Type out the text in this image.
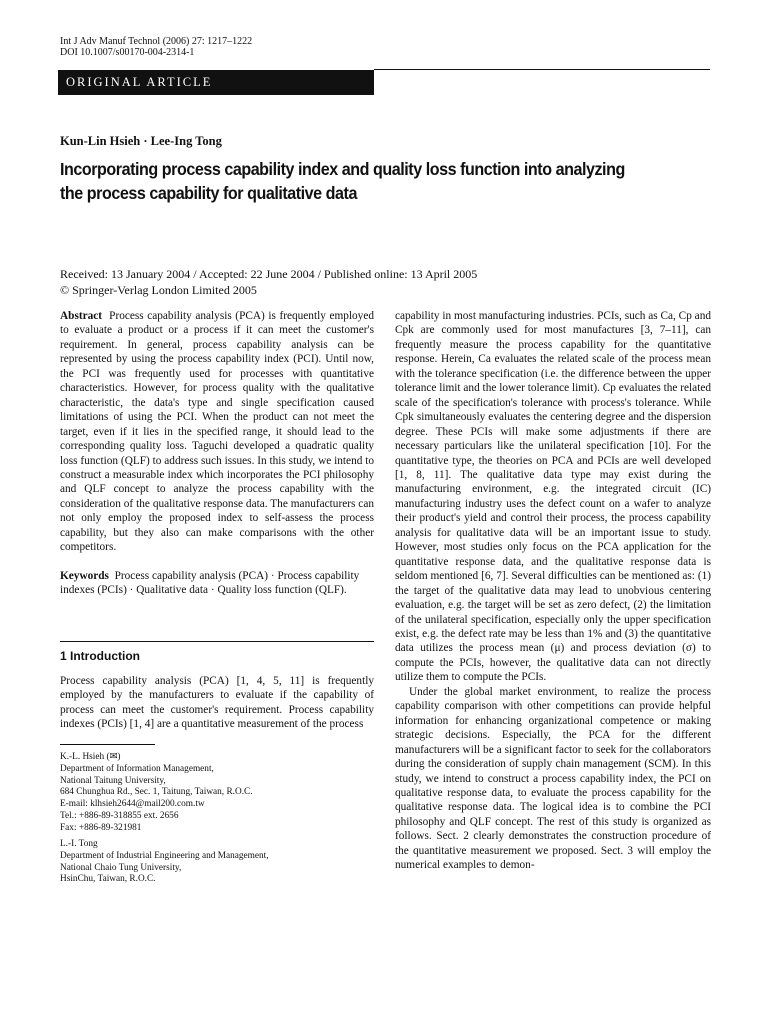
Int J Adv Manuf Technol (2006) 27: 1217–1222
DOI 10.1007/s00170-004-2314-1
ORIGINAL ARTICLE
Kun-Lin Hsieh · Lee-Ing Tong
Incorporating process capability index and quality loss function into analyzing
the process capability for qualitative data
Received: 13 January 2004 / Accepted: 22 June 2004 / Published online: 13 April 2005
© Springer-Verlag London Limited 2005

Abstract Process capability analysis (PCA) is frequently employed to evaluate a product or a process if it can meet the customer's requirement. In general, process capability analysis can be represented by using the process capability index (PCI). Until now, the PCI was frequently used for processes with quantitative characteristics. However, for process quality with the qualitative characteristic, the data's type and single specification caused limitations of using the PCI. When the product can not meet the target, even if it lies in the specified range, it should lead to the corresponding quality loss. Taguchi developed a quadratic quality loss function (QLF) to address such issues. In this study, we intend to construct a measurable index which incorporates the PCI philosophy and QLF concept to analyze the process capability with the consideration of the qualitative response data. The manufacturers can not only employ the proposed index to self-assess the process capability, but they also can make comparisons with the other competitors.

Keywords Process capability analysis (PCA) · Process capability indexes (PCIs) · Qualitative data · Quality loss function (QLF).

1 Introduction
Process capability analysis (PCA) [1, 4, 5, 11] is frequently employed by the manufacturers to evaluate if the capability of process can meet the customer's requirement. Process capability indexes (PCIs) [1, 4] are a quantitative measurement of the process
K.-L. Hsieh (✉)
Department of Information Management,
National Taitung University,
684 Chunghua Rd., Sec. 1, Taitung, Taiwan, R.O.C.
E-mail: klhsieh2644@mail200.com.tw
Tel.: +886-89-318855 ext. 2656
Fax: +886-89-321981
L.-I. Tong
Department of Industrial Engineering and Management,
National Chaio Tung University,
HsinChu, Taiwan, R.O.C.

capability in most manufacturing industries. PCIs, such as Ca, Cp and Cpk are commonly used for most manufactures [3, 7–11], can frequently measure the process capability for the quantitative response. Herein, Ca evaluates the related scale of the process mean with the tolerance specification (i.e. the difference between the upper tolerance limit and the lower tolerance limit). Cp evaluates the related scale of the specification's tolerance with process's tolerance. While Cpk simultaneously evaluates the centering degree and the dispersion degree. These PCIs will make some adjustments if there are necessary particulars like the unilateral specification [10]. For the quantitative type, the theories on PCA and PCIs are well developed [1, 8, 11]. The qualitative data type may exist during the manufacturing environment, e.g. the integrated circuit (IC) manufacturing industry uses the defect count on a wafer to analyze their product's yield and control their process, the process capability analysis for qualitative data will be an important issue to study. However, most studies only focus on the PCA application for the quantitative response data, and the qualitative response data is seldom mentioned [6, 7]. Several difficulties can be mentioned as: (1) the target of the qualitative data may lead to unobvious centering evaluation, e.g. the target will be set as zero defect, (2) the limitation of the unilateral specification, especially only the upper specification exist, e.g. the defect rate may be less than 1% and (3) the quantitative data utilizes the process mean (μ) and process deviation (σ) to compute the PCIs, however, the qualitative data can not directly utilize them to compute the PCIs.

Under the global market environment, to realize the process capability comparison with other competitions can provide helpful information for enhancing organizational competence or making strategic decisions. Especially, the PCA for the different manufacturers will be a significant factor to seek for the collaborators during the consideration of supply chain management (SCM). In this study, we intend to construct a process capability index, the PCI on qualitative response data, to evaluate the process capability for the qualitative response data. The logical idea is to combine the PCI philosophy and QLF concept. The rest of this study is organized as follows. Sect. 2 clearly demonstrates the construction procedure of the quantitative measurement we proposed. Sect. 3 will employ the numerical examples to demon-
